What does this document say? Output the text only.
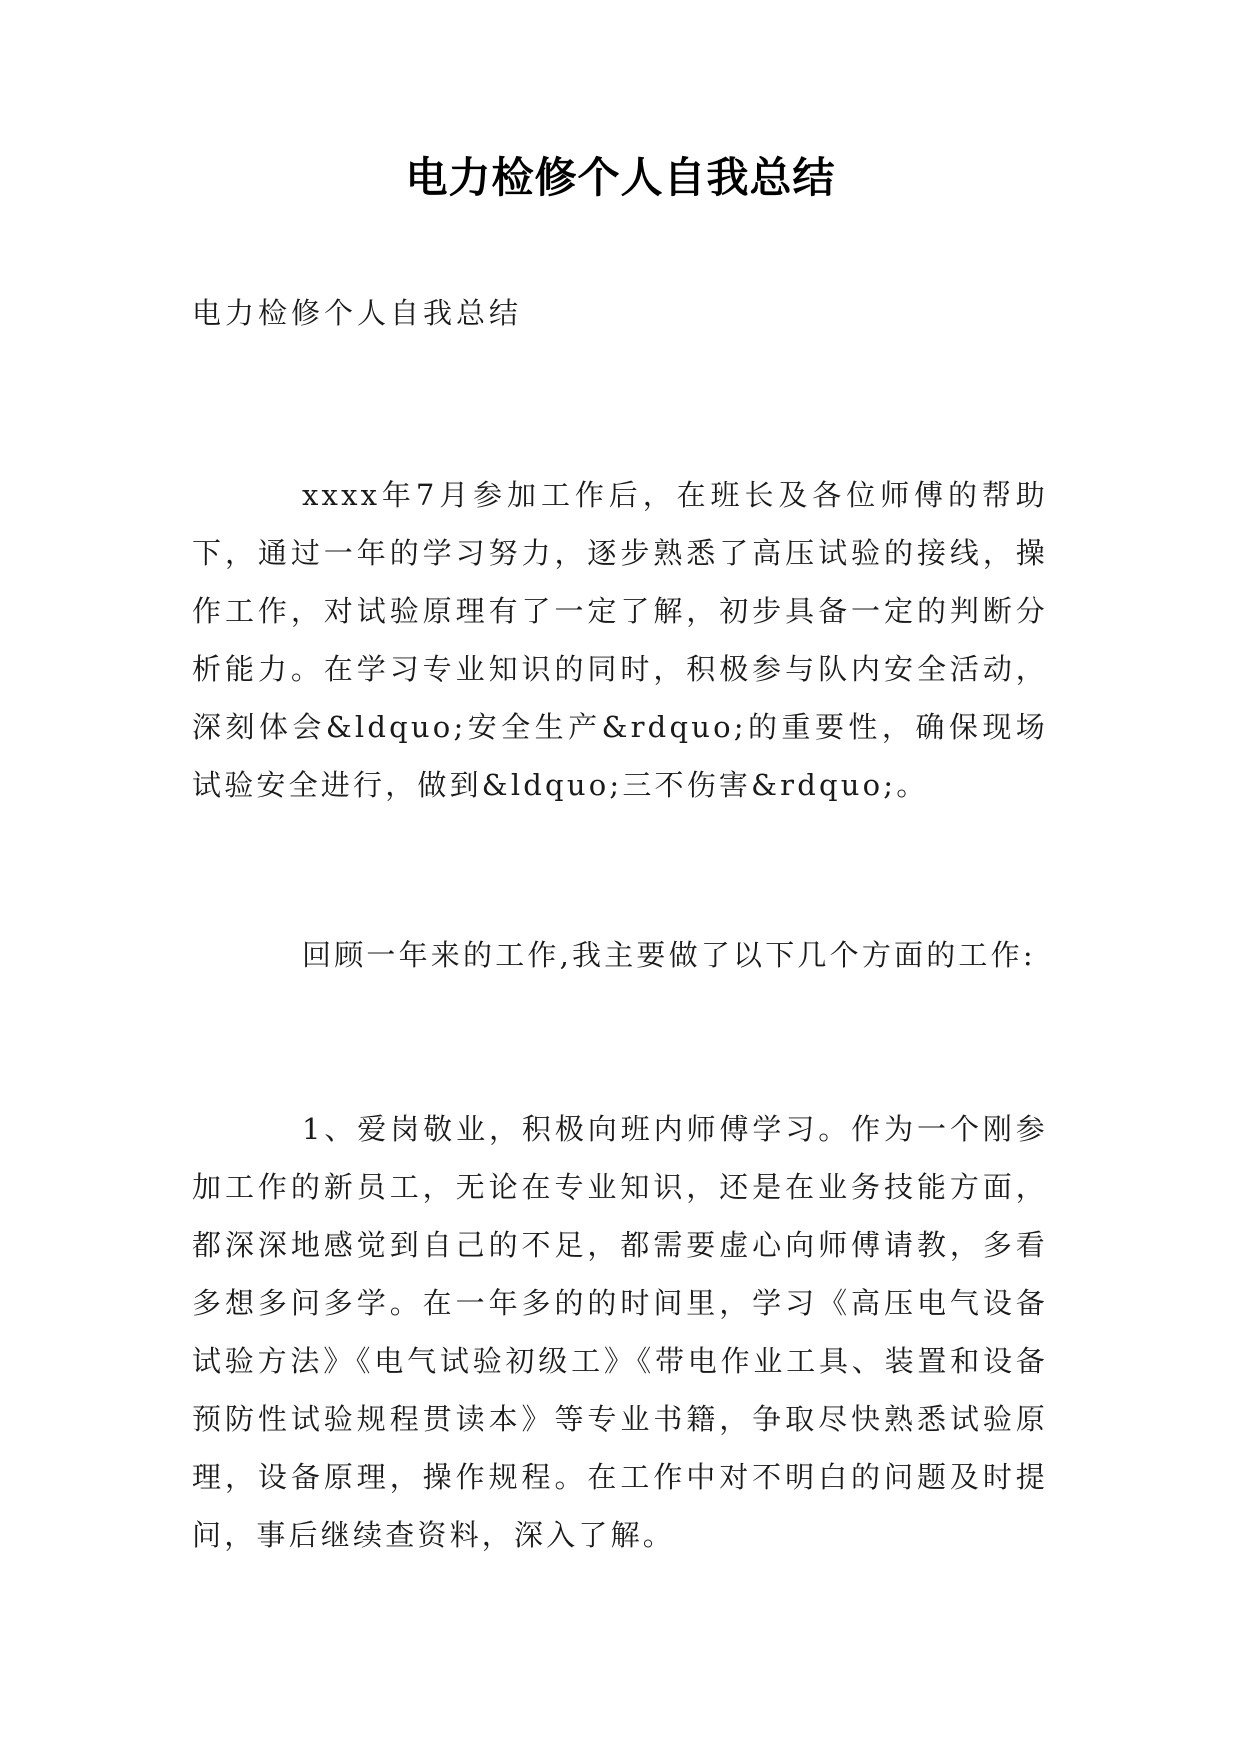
电力检修个人自我总结
电力检修个人自我总结
xxxx年7月参加工作后，在班长及各位师傅的帮助下，通过一年的学习努力，逐步熟悉了高压试验的接线，操作工作，对试验原理有了一定了解，初步具备一定的判断分析能力。在学习专业知识的同时，积极参与队内安全活动，深刻体会&ldquo;安全生产&rdquo;的重要性，确保现场试验安全进行，做到&ldquo;三不伤害&rdquo;。
回顾一年来的工作,我主要做了以下几个方面的工作:
1、爱岗敬业，积极向班内师傅学习。作为一个刚参加工作的新员工，无论在专业知识，还是在业务技能方面，都深深地感觉到自己的不足，都需要虚心向师傅请教，多看多想多问多学。在一年多的的时间里，学习《高压电气设备试验方法》《电气试验初级工》《带电作业工具、装置和设备预防性试验规程贯读本》等专业书籍，争取尽快熟悉试验原理，设备原理，操作规程。在工作中对不明白的问题及时提问，事后继续查资料，深入了解。
